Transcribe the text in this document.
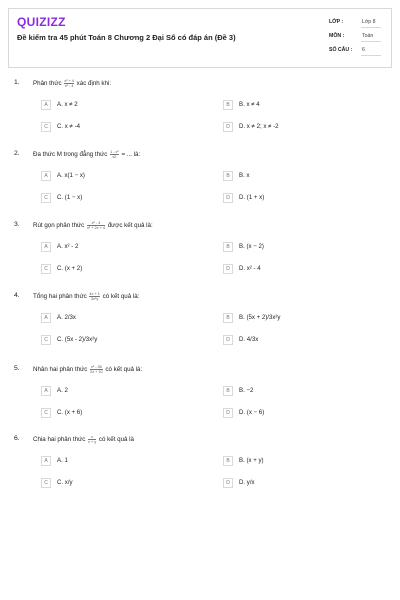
QUIZIZZ
Đề kiểm tra 45 phút Toán 8 Chương 2 Đại Số có đáp án (Đề 3)
LỚP :	Lớp 8
MÔN :	Toán
SỐ CÂU : 6
1. Phân thức $\frac{\text{x² + 4}}{\text{x² - 4}}$ xác định khi:
A	A. x ≠ 2	B	B. x ≠ 4
C	C. x ≠ -4	D	D. x ≠ 2; x ≠ -2
2. Đa thức M trong đẳng thức $\frac{\text{1 - x²}}{x2}$ = ... là:
A	A. x(1 − x)	B	B. x
C	C. (1 − x)	D	D. (1 + x)
3. Rút gọn phân thức $\frac{\text{x² - 4}}{\text{x² + 2x + 4}}$ được kết quả là:
A	A. x² - 2	B	B. (x − 2)
C	C. (x + 2)	D	D. x² - 4
4. Tổng hai phân thức $\frac{4x + 1}{\text{3x²y}}$ có kết quả là:
A	A. 2/3x	B	B. (5x + 2)/3x²y
C	C. (5x - 2)/3x²y	D	D. 4/3x
5. Nhân hai phân thức $\frac{\text{x² - 36}}{2x + 10}$ có kết quả là:
A	A. 2	B	B. −2
C	C. (x + 6)	D	D. (x − 6)
6. Chia hai phân thức $\frac{x}{x + y}$ có kết quả là
A	A. 1	B	B. (x + y)
C	C. x/y	D	D. y/x
